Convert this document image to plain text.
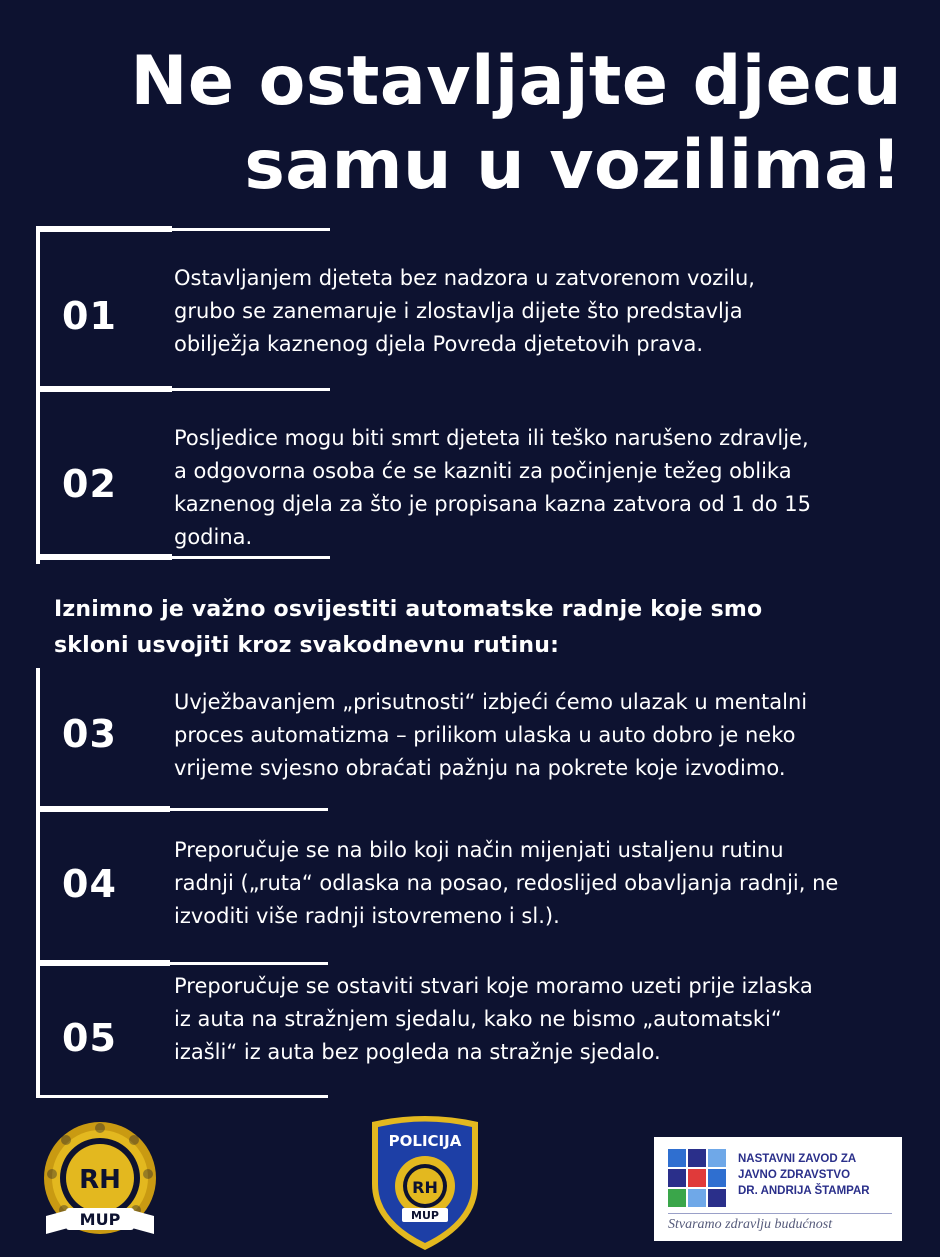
Ne ostavljajte djecu
samu u vozilima!
01
Ostavljanjem djeteta bez nadzora u zatvorenom vozilu,
grubo se zanemaruje i zlostavlja dijete što predstavlja
obilježja kaznenog djela Povreda djetetovih prava.
02
Posljedice mogu biti smrt djeteta ili teško narušeno zdravlje,
a odgovorna osoba će se kazniti za počinjenje težeg oblika
kaznenog djela za što je propisana kazna zatvora od 1 do 15
godina.
Iznimno je važno osvijestiti automatske radnje koje smo
skloni usvojiti kroz svakodnevnu rutinu:
03
Uvježbavanjem „prisutnosti“ izbjeći ćemo ulazak u mentalni
proces automatizma – prilikom ulaska u auto dobro je neko
vrijeme svjesno obraćati pažnju na pokrete koje izvodimo.
04
Preporučuje se na bilo koji način mijenjati ustaljenu rutinu
radnji („ruta“ odlaska na posao, redoslijed obavljanja radnji, ne
izvoditi više radnji istovremeno i sl.).
05
Preporučuje se ostaviti stvari koje moramo uzeti prije izlaska
iz auta na stražnjem sjedalu, kako ne bismo „automatski“
izašli“ iz auta bez pogleda na stražnje sjedalo.
RH
MUP
POLICIJA
RH
MUP
NASTAVNI ZAVOD ZA
JAVNO ZDRAVSTVO
DR. ANDRIJA ŠTAMPAR
Stvaramo zdravlju budućnost
